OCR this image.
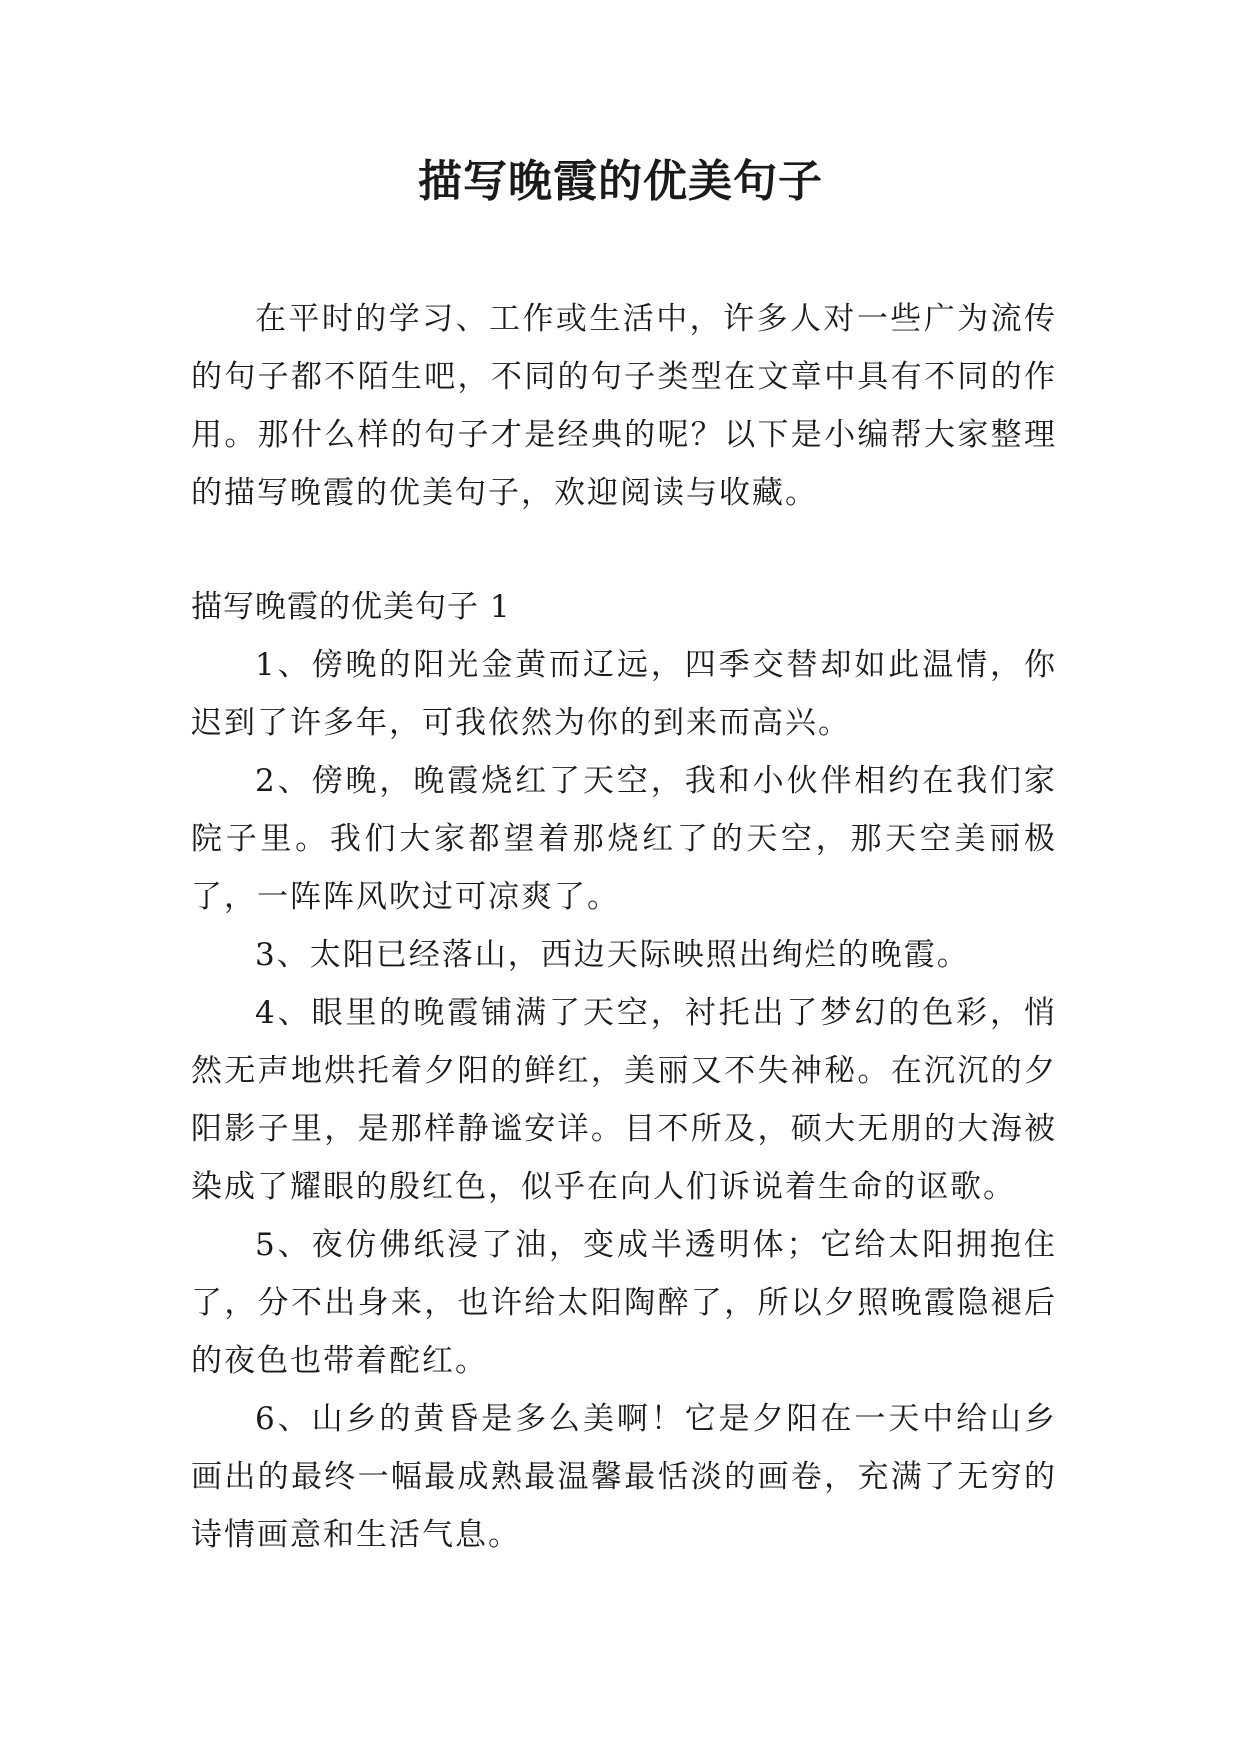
描写晚霞的优美句子

在平时的学习、工作或生活中，许多人对一些广为流传的句子都不陌生吧，不同的句子类型在文章中具有不同的作用。那什么样的句子才是经典的呢？以下是小编帮大家整理的描写晚霞的优美句子，欢迎阅读与收藏。

描写晚霞的优美句子 1

1、傍晚的阳光金黄而辽远，四季交替却如此温情，你迟到了许多年，可我依然为你的到来而高兴。

2、傍晚，晚霞烧红了天空，我和小伙伴相约在我们家院子里。我们大家都望着那烧红了的天空，那天空美丽极了，一阵阵风吹过可凉爽了。

3、太阳已经落山，西边天际映照出绚烂的晚霞。

4、眼里的晚霞铺满了天空，衬托出了梦幻的色彩，悄然无声地烘托着夕阳的鲜红，美丽又不失神秘。在沉沉的夕阳影子里，是那样静谧安详。目不所及，硕大无朋的大海被染成了耀眼的殷红色，似乎在向人们诉说着生命的讴歌。

5、夜仿佛纸浸了油，变成半透明体；它给太阳拥抱住了，分不出身来，也许给太阳陶醉了，所以夕照晚霞隐褪后的夜色也带着酡红。

6、山乡的黄昏是多么美啊！它是夕阳在一天中给山乡画出的最终一幅最成熟最温馨最恬淡的画卷，充满了无穷的诗情画意和生活气息。
